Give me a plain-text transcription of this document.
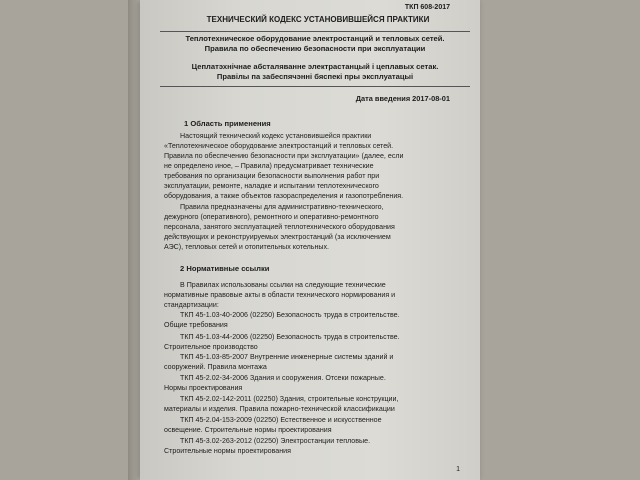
ТКП 608-2017
ТЕХНИЧЕСКИЙ КОДЕКС УСТАНОВИВШЕЙСЯ ПРАКТИКИ
Теплотехническое оборудование электростанций и тепловых сетей.
Правила по обеспечению безопасности при эксплуатации
Цеплатэхнічнае абсталяванне электрастанцый і цеплавых сетак.
Правілы па забеспячэнні бяспекі пры эксплуатацыі
Дата введения 2017-08-01
1 Область применения
Настоящий технический кодекс установившейся практики
«Теплотехническое оборудование электростанций и тепловых сетей.
Правила по обеспечению безопасности при эксплуатации» (далее, если
не определено иное, – Правила) предусматривает технические
требования по организации безопасности выполнения работ при
эксплуатации, ремонте, наладке и испытании теплотехнического
оборудования, а также объектов газораспределения и газопотребления.
Правила предназначены для административно-технического,
дежурного (оперативного), ремонтного и оперативно-ремонтного
персонала, занятого эксплуатацией теплотехнического оборудования
действующих и реконструируемых электростанций (за исключением
АЭС), тепловых сетей и отопительных котельных.
2 Нормативные ссылки
В Правилах использованы ссылки на следующие технические
нормативные правовые акты в области технического нормирования и
стандартизации:
ТКП 45-1.03-40-2006 (02250) Безопасность труда в строительстве.
Общие требования
ТКП 45-1.03-44-2006 (02250) Безопасность труда в строительстве.
Строительное производство
ТКП 45-1.03-85-2007 Внутренние инженерные системы зданий и
сооружений. Правила монтажа
ТКП 45-2.02-34-2006 Здания и сооружения. Отсеки пожарные.
Нормы проектирования
ТКП 45-2.02-142-2011 (02250) Здания, строительные конструкции,
материалы и изделия. Правила пожарно-технической классификации
ТКП 45-2.04-153-2009 (02250) Естественное и искусственное
освещение. Строительные нормы проектирования
ТКП 45-3.02-263-2012 (02250) Электростанции тепловые.
Строительные нормы проектирования
1
